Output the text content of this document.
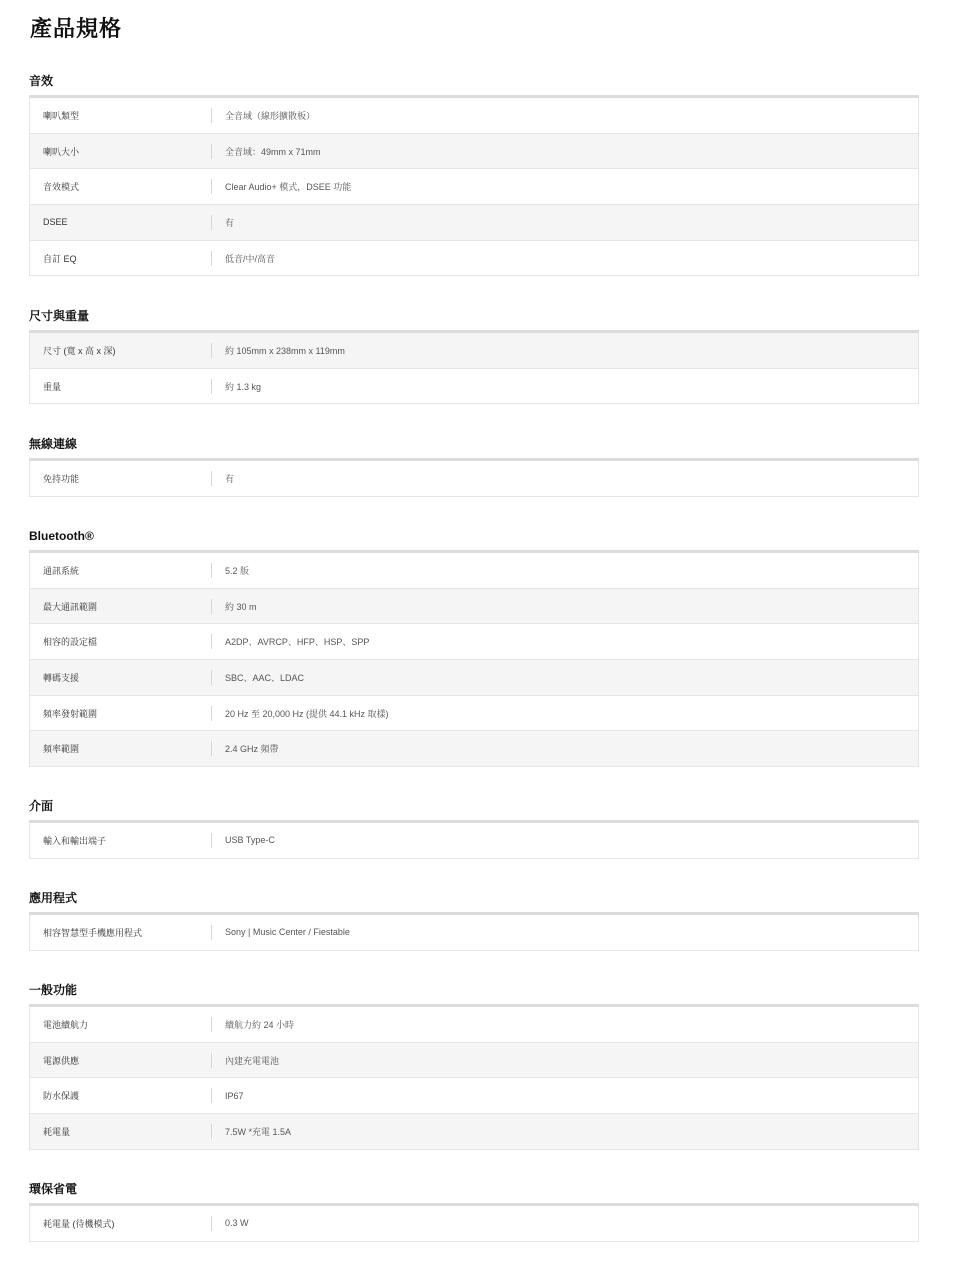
產品規格
音效
喇叭類型	全音域（線形擴散板）
喇叭大小	全音域：49mm x 71mm
音效模式	Clear Audio+ 模式，DSEE 功能
DSEE	有
自訂 EQ	低音/中/高音
尺寸與重量
尺寸 (寬 x 高 x 深)	約 105mm x 238mm x 119mm
重量	約 1.3 kg
無線連線
免持功能	有
Bluetooth®
通訊系統	5.2 版
最大通訊範圍	約 30 m
相容的設定檔	A2DP、AVRCP、HFP、HSP、SPP
轉碼支援	SBC、AAC、LDAC
頻率發射範圍	20 Hz 至 20,000 Hz (提供 44.1 kHz 取樣)
頻率範圍	2.4 GHz 頻帶
介面
輸入和輸出端子	USB Type-C
應用程式
相容智慧型手機應用程式	Sony | Music Center / Fiestable
一般功能
電池續航力	續航力約 24 小時
電源供應	內建充電電池
防水保護	IP67
耗電量	7.5W *充電 1.5A
環保省電
耗電量 (待機模式)	0.3 W
